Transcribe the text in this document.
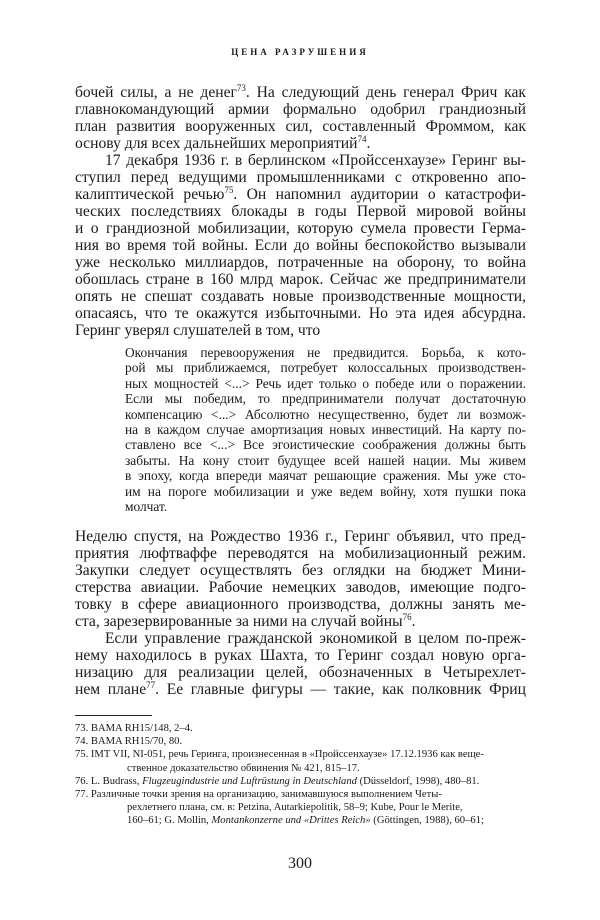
ЦЕНА РАЗРУШЕНИЯ
бочей силы, а не денег$^{73}$. На следующий день генерал Фрич как
главнокомандующий армии формально одобрил грандиозный
план развития вооруженных сил, составленный Фроммом, как
основу для всех дальнейших мероприятий$^{74}$.
17 декабря 1936 г. в берлинском «Пройссенхаузе» Геринг вы-
ступил перед ведущими промышленниками с откровенно апо-
калиптической речью$^{75}$. Он напомнил аудитории о катастрофи-
ческих последствиях блокады в годы Первой мировой войны
и о грандиозной мобилизации, которую сумела провести Герма-
ния во время той войны. Если до войны беспокойство вызывали
уже несколько миллиардов, потраченные на оборону, то война
обошлась стране в 160 млрд марок. Сейчас же предприниматели
опять не спешат создавать новые производственные мощности,
опасаясь, что те окажутся избыточными. Но эта идея абсурдна.
Геринг уверял слушателей в том, что
Окончания перевооружения не предвидится. Борьба, к кото-
рой мы приближаемся, потребует колоссальных производствен-
ных мощностей <...> Речь идет только о победе или о поражении.
Если мы победим, то предприниматели получат достаточную
компенсацию <...> Абсолютно несущественно, будет ли возмож-
на в каждом случае амортизация новых инвестиций. На карту по-
ставлено все <...> Все эгоистические соображения должны быть
забыты. На кону стоит будущее всей нашей нации. Мы живем
в эпоху, когда впереди маячат решающие сражения. Мы уже сто-
им на пороге мобилизации и уже ведем войну, хотя пушки пока
молчат.
Неделю спустя, на Рождество 1936 г., Геринг объявил, что пред-
приятия люфтваффе переводятся на мобилизационный режим.
Закупки следует осуществлять без оглядки на бюджет Мини-
стерства авиации. Рабочие немецких заводов, имеющие подго-
товку в сфере авиационного производства, должны занять ме-
ста, зарезервированные за ними на случай войны$^{76}$.
Если управление гражданской экономикой в целом по-преж-
нему находилось в руках Шахта, то Геринг создал новую орга-
низацию для реализации целей, обозначенных в Четырехлет-
нем плане$^{77}$. Ее главные фигуры — такие, как полковник Фриц
73. BAMA RH15/148, 2–4.
74. BAMA RH15/70, 80.
75. IMT VII, NI-051, речь Геринга, произнесенная в «Пройссенхаузе» 17.12.1936 как веще-
ственное доказательство обвинения № 421, 815–17.
76. L. Budrass, Flugzeugindustrie und Luftrüstung in Deutschland (Düsseldorf, 1998), 480–81.
77. Различные точки зрения на организацию, занимавшуюся выполнением Четы-
рехлетнего плана, см. в: Petzina, Autarkiepolitik, 58–9; Kube, Pour le Merite,
160–61; G. Mollin, Montankonzerne und «Drittes Reich» (Göttingen, 1988), 60–61;
300
